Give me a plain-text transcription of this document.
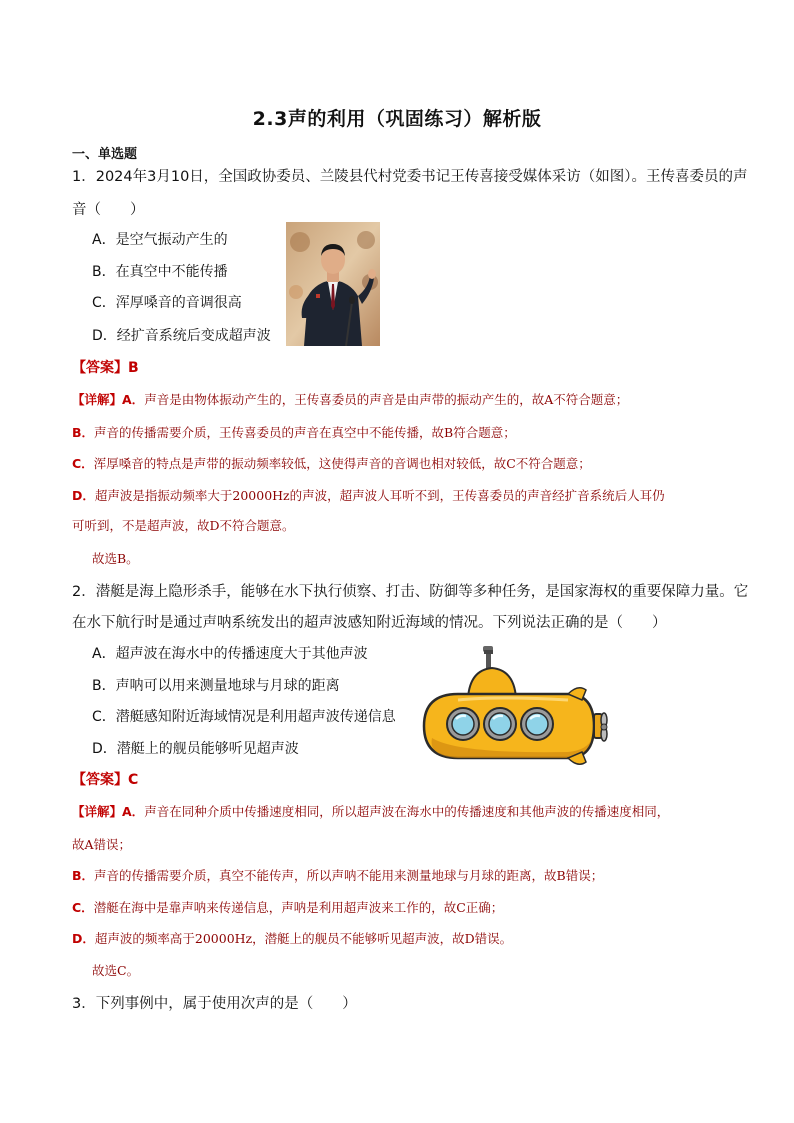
2.3声的利用（巩固练习）解析版
一、单选题
1．2024年3月10日，全国政协委员、兰陵县代村党委书记王传喜接受媒体采访（如图）。王传喜委员的声
音（　　）
A．是空气振动产生的
B．在真空中不能传播
C．浑厚嗓音的音调很高
D．经扩音系统后变成超声波
【答案】B
【详解】A．声音是由物体振动产生的，王传喜委员的声音是由声带的振动产生的，故A不符合题意；
B．声音的传播需要介质，王传喜委员的声音在真空中不能传播，故B符合题意；
C．浑厚嗓音的特点是声带的振动频率较低，这使得声音的音调也相对较低，故C不符合题意；
D．超声波是指振动频率大于20000Hz的声波，超声波人耳听不到，王传喜委员的声音经扩音系统后人耳仍
可听到，不是超声波，故D不符合题意。
故选B。
2．潜艇是海上隐形杀手，能够在水下执行侦察、打击、防御等多种任务，是国家海权的重要保障力量。它
在水下航行时是通过声呐系统发出的超声波感知附近海域的情况。下列说法正确的是（　　）
A．超声波在海水中的传播速度大于其他声波
B．声呐可以用来测量地球与月球的距离
C．潜艇感知附近海域情况是利用超声波传递信息
D．潜艇上的舰员能够听见超声波
【答案】C
【详解】A．声音在同种介质中传播速度相同，所以超声波在海水中的传播速度和其他声波的传播速度相同，
故A错误；
B．声音的传播需要介质，真空不能传声，所以声呐不能用来测量地球与月球的距离，故B错误；
C．潜艇在海中是靠声呐来传递信息，声呐是利用超声波来工作的，故C正确；
D．超声波的频率高于20000Hz，潜艇上的舰员不能够听见超声波，故D错误。
故选C。
3．下列事例中，属于使用次声的是（　　）
